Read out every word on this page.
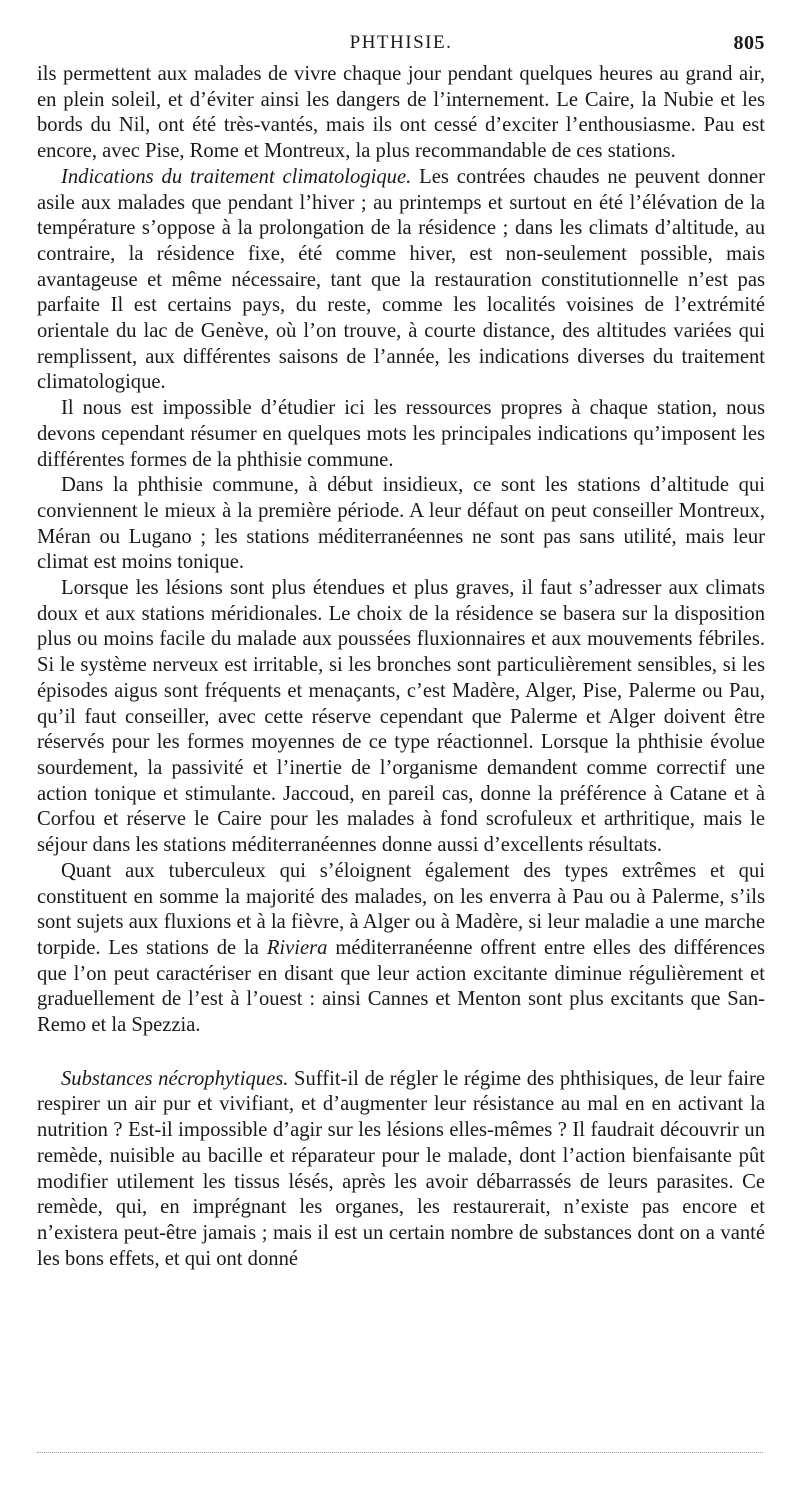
PHTHISIE.	805

ils permettent aux malades de vivre chaque jour pendant quelques heures au grand air, en plein soleil, et d’éviter ainsi les dangers de l’internement. Le Caire, la Nubie et les bords du Nil, ont été très-vantés, mais ils ont cessé d’exciter l’enthousiasme. Pau est encore, avec Pise, Rome et Montreux, la plus recommandable de ces stations.

Indications du traitement climatologique. Les contrées chaudes ne peuvent donner asile aux malades que pendant l’hiver ; au printemps et surtout en été l’élévation de la température s’oppose à la prolongation de la résidence ; dans les climats d’altitude, au contraire, la résidence fixe, été comme hiver, est non-seulement possible, mais avantageuse et même nécessaire, tant que la restauration constitutionnelle n’est pas parfaite Il est certains pays, du reste, comme les localités voisines de l’extrémité orientale du lac de Genève, où l’on trouve, à courte distance, des altitudes variées qui remplissent, aux différentes saisons de l’année, les indications diverses du traitement climatologique.

Il nous est impossible d’étudier ici les ressources propres à chaque station, nous devons cependant résumer en quelques mots les principales indications qu’imposent les différentes formes de la phthisie commune.

Dans la phthisie commune, à début insidieux, ce sont les stations d’altitude qui conviennent le mieux à la première période. A leur défaut on peut conseiller Montreux, Méran ou Lugano ; les stations méditerranéennes ne sont pas sans utilité, mais leur climat est moins tonique.

Lorsque les lésions sont plus étendues et plus graves, il faut s’adresser aux climats doux et aux stations méridionales. Le choix de la résidence se basera sur la disposition plus ou moins facile du malade aux poussées fluxionnaires et aux mouvements fébriles. Si le système nerveux est irritable, si les bronches sont particulièrement sensibles, si les épisodes aigus sont fréquents et menaçants, c’est Madère, Alger, Pise, Palerme ou Pau, qu’il faut conseiller, avec cette réserve cependant que Palerme et Alger doivent être réservés pour les formes moyennes de ce type réactionnel. Lorsque la phthisie évolue sourdement, la passivité et l’inertie de l’organisme demandent comme correctif une action tonique et stimulante. Jaccoud, en pareil cas, donne la préférence à Catane et à Corfou et réserve le Caire pour les malades à fond scrofuleux et arthritique, mais le séjour dans les stations méditerranéennes donne aussi d’excellents résultats.

Quant aux tuberculeux qui s’éloignent également des types extrêmes et qui constituent en somme la majorité des malades, on les enverra à Pau ou à Palerme, s’ils sont sujets aux fluxions et à la fièvre, à Alger ou à Madère, si leur maladie a une marche torpide. Les stations de la Riviera méditerranéenne offrent entre elles des différences que l’on peut caractériser en disant que leur action excitante diminue régulièrement et graduellement de l’est à l’ouest : ainsi Cannes et Menton sont plus excitants que San-Remo et la Spezzia.

Substances nécrophytiques. Suffit-il de régler le régime des phthisiques, de leur faire respirer un air pur et vivifiant, et d’augmenter leur résistance au mal en en activant la nutrition ? Est-il impossible d’agir sur les lésions elles-mêmes ? Il faudrait découvrir un remède, nuisible au bacille et réparateur pour le malade, dont l’action bienfaisante pût modifier utilement les tissus lésés, après les avoir débarrassés de leurs parasites. Ce remède, qui, en imprégnant les organes, les restaurerait, n’existe pas encore et n’existera peut-être jamais ; mais il est un certain nombre de substances dont on a vanté les bons effets, et qui ont donné
